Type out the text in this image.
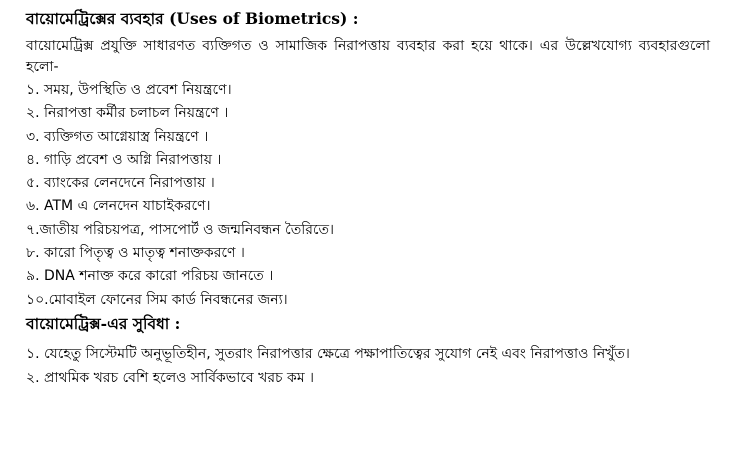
বায়োমেট্রিক্সের ব্যবহার (Uses of Biometrics) :

বায়োমেট্রিক্স প্রযুক্তি সাধারণত ব্যক্তিগত ও সামাজিক নিরাপত্তায় ব্যবহার করা হয়ে থাকে। এর উল্লেখযোগ্য ব্যবহারগুলো হলো-

১. সময়, উপস্থিতি ও প্রবেশ নিয়ন্ত্রণে।
২. নিরাপত্তা কর্মীর চলাচল নিয়ন্ত্রণে ।
৩. ব্যক্তিগত আগ্নেয়াস্ত্র নিয়ন্ত্রণে ।
৪. গাড়ি প্রবেশ ও অগ্নি নিরাপত্তায় ।
৫. ব্যাংকের লেনদেনে নিরাপত্তায় ।
৬. ATM এ লেনদেন যাচাইকরণে।
৭.জাতীয় পরিচয়পত্র, পাসপোর্ট ও জন্মনিবন্ধন তৈরিতে।
৮. কারো পিতৃত্ব ও মাতৃত্ব শনাক্তকরণে ।
৯. DNA শনাক্ত করে কারো পরিচয় জানতে ।
১০.মোবাইল ফোনের সিম কার্ড নিবন্ধনের জন্য।
বায়োমেট্রিক্স-এর সুবিধা :
১. যেহেতু সিস্টেমটি অনুভূতিহীন, সুতরাং নিরাপত্তার ক্ষেত্রে পক্ষাপাতিত্বের সুযোগ নেই এবং নিরাপত্তাও নিখুঁত।
২. প্রাথমিক খরচ বেশি হলেও সার্বিকভাবে খরচ কম ।
